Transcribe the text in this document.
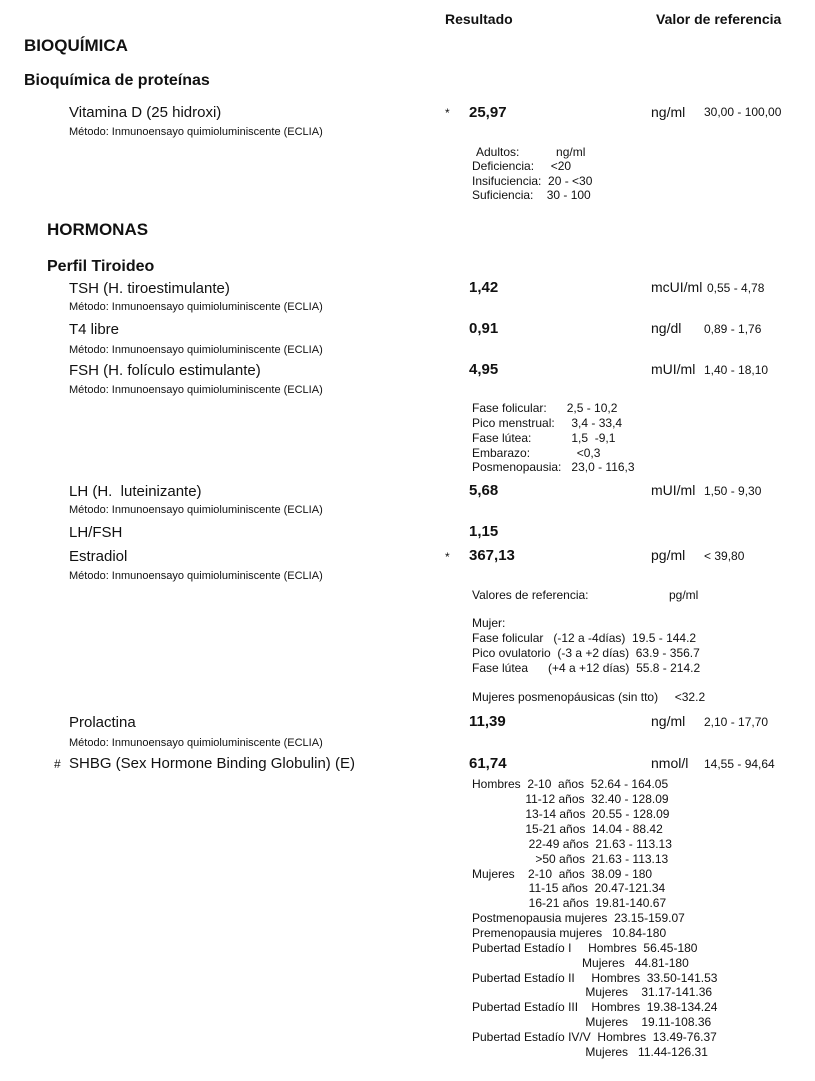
Resultado	Valor de referencia
BIOQUÍMICA
Bioquímica de proteínas
Vitamina D (25 hidroxi)	* 25,97	ng/ml 30,00 - 100,00
Método: Inmunoensayo quimioluminiscente (ECLIA)
Adultos:           ng/ml
Deficiencia:     <20
Insifuciencia:  20 - <30
Suficiencia:    30 - 100
HORMONAS
Perfil Tiroideo
TSH (H. tiroestimulante)	1,42	mcUI/ml 0,55 - 4,78
Método: Inmunoensayo quimioluminiscente (ECLIA)
T4 libre	0,91	ng/dl 0,89 - 1,76
Método: Inmunoensayo quimioluminiscente (ECLIA)
FSH (H. folículo estimulante)	4,95	mUI/ml 1,40 - 18,10
Método: Inmunoensayo quimioluminiscente (ECLIA)
Fase folicular:      2,5 - 10,2
Pico menstrual:     3,4 - 33,4
Fase lútea:            1,5  -9,1
Embarazo:              <0,3
Posmenopausia:   23,0 - 116,3
LH (H.  luteinizante)	5,68	mUI/ml 1,50 - 9,30
Método: Inmunoensayo quimioluminiscente (ECLIA)
LH/FSH	1,15
Estradiol	* 367,13	pg/ml < 39,80
Método: Inmunoensayo quimioluminiscente (ECLIA)
Valores de referencia:	pg/ml
Mujer:
Fase folicular   (-12 a -4días)  19.5 - 144.2
Pico ovulatorio  (-3 a +2 días)  63.9 - 356.7
Fase lútea      (+4 a +12 días)  55.8 - 214.2
Mujeres posmenopáusicas (sin tto)     <32.2
Prolactina	11,39	ng/ml 2,10 - 17,70
Método: Inmunoensayo quimioluminiscente (ECLIA)
# SHBG (Sex Hormone Binding Globulin) (E)	61,74	nmol/l 14,55 - 94,64
Hombres  2-10  años  52.64 - 164.05
11-12 años  32.40 - 128.09
13-14 años  20.55 - 128.09
15-21 años  14.04 - 88.42
22-49 años  21.63 - 113.13
>50 años  21.63 - 113.13
Mujeres    2-10  años  38.09 - 180
11-15 años  20.47-121.34
16-21 años  19.81-140.67
Postmenopausia mujeres  23.15-159.07
Premenopausia mujeres   10.84-180
Pubertad Estadío I     Hombres  56.45-180
Mujeres   44.81-180
Pubertad Estadío II     Hombres  33.50-141.53
Mujeres    31.17-141.36
Pubertad Estadío III    Hombres  19.38-134.24
Mujeres    19.11-108.36
Pubertad Estadío IV/V  Hombres  13.49-76.37
Mujeres   11.44-126.31
